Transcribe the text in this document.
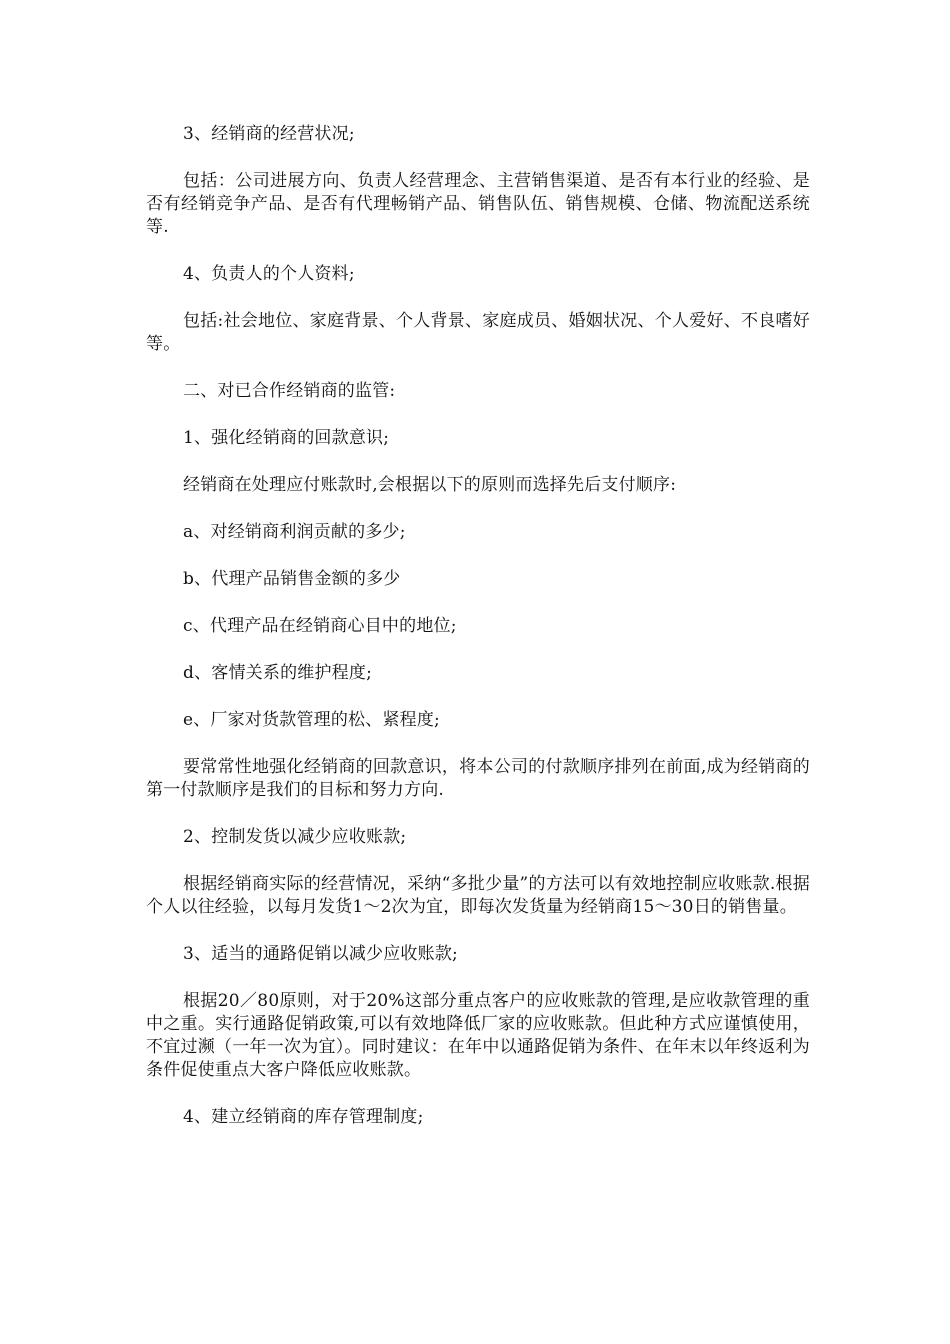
3、经销商的经营状况;

包括：公司进展方向、负责人经营理念、主营销售渠道、是否有本行业的经验、是否有经销竞争产品、是否有代理畅销产品、销售队伍、销售规模、仓储、物流配送系统等.

4、负责人的个人资料;

包括:社会地位、家庭背景、个人背景、家庭成员、婚姻状况、个人爱好、不良嗜好等。

二、对已合作经销商的监管:

1、强化经销商的回款意识;

经销商在处理应付账款时,会根据以下的原则而选择先后支付顺序:

a、对经销商利润贡献的多少;

b、代理产品销售金额的多少

c、代理产品在经销商心目中的地位;

d、客情关系的维护程度;

e、厂家对货款管理的松、紧程度;

要常常性地强化经销商的回款意识，将本公司的付款顺序排列在前面,成为经销商的第一付款顺序是我们的目标和努力方向.

2、控制发货以减少应收账款;

根据经销商实际的经营情况，采纳“多批少量”的方法可以有效地控制应收账款.根据个人以往经验，以每月发货1～2次为宜，即每次发货量为经销商15～30日的销售量。

3、适当的通路促销以减少应收账款;

根据20／80原则，对于20%这部分重点客户的应收账款的管理,是应收款管理的重中之重。实行通路促销政策,可以有效地降低厂家的应收账款。但此种方式应谨慎使用，不宜过濒（一年一次为宜）。同时建议：在年中以通路促销为条件、在年末以年终返利为条件促使重点大客户降低应收账款。

4、建立经销商的库存管理制度;
